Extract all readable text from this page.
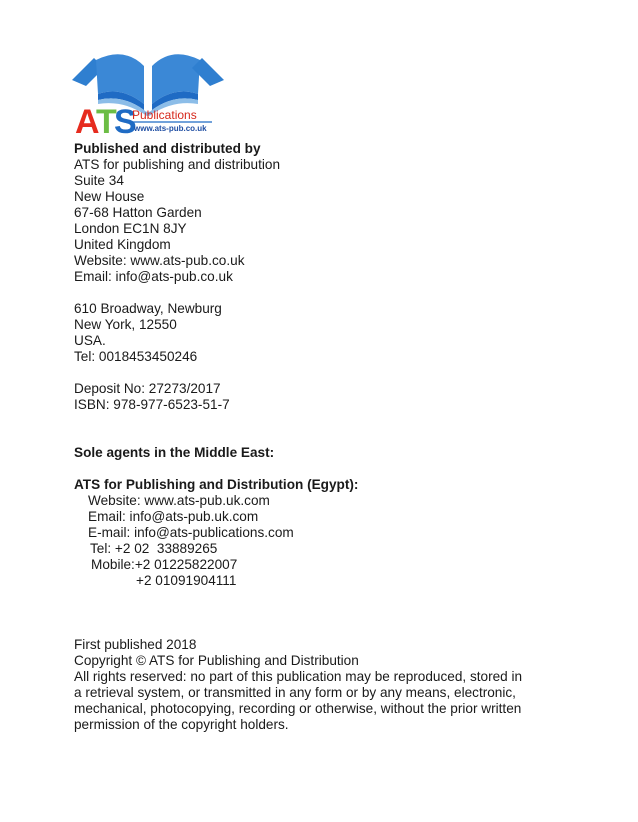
A
T
S
Publications
www.ats-pub.co.uk
Published and distributed by
ATS for publishing and distribution
Suite 34
New House
67-68 Hatton Garden
London EC1N 8JY
United Kingdom
Website: www.ats-pub.co.uk
Email: info@ats-pub.co.uk
610 Broadway, Newburg
New York, 12550
USA.
Tel: 0018453450246
Deposit No: 27273/2017
ISBN: 978-977-6523-51-7
Sole agents in the Middle East:
ATS for Publishing and Distribution (Egypt):
Website: www.ats-pub.uk.com
Email: info@ats-pub.uk.com
E-mail: info@ats-publications.com
Tel: +2 02  33889265
Mobile:+2 01225822007
+2 01091904111
First published 2018
Copyright © ATS for Publishing and Distribution
All rights reserved: no part of this publication may be reproduced, stored in
a retrieval system, or transmitted in any form or by any means, electronic,
mechanical, photocopying, recording or otherwise, without the prior written
permission of the copyright holders.
